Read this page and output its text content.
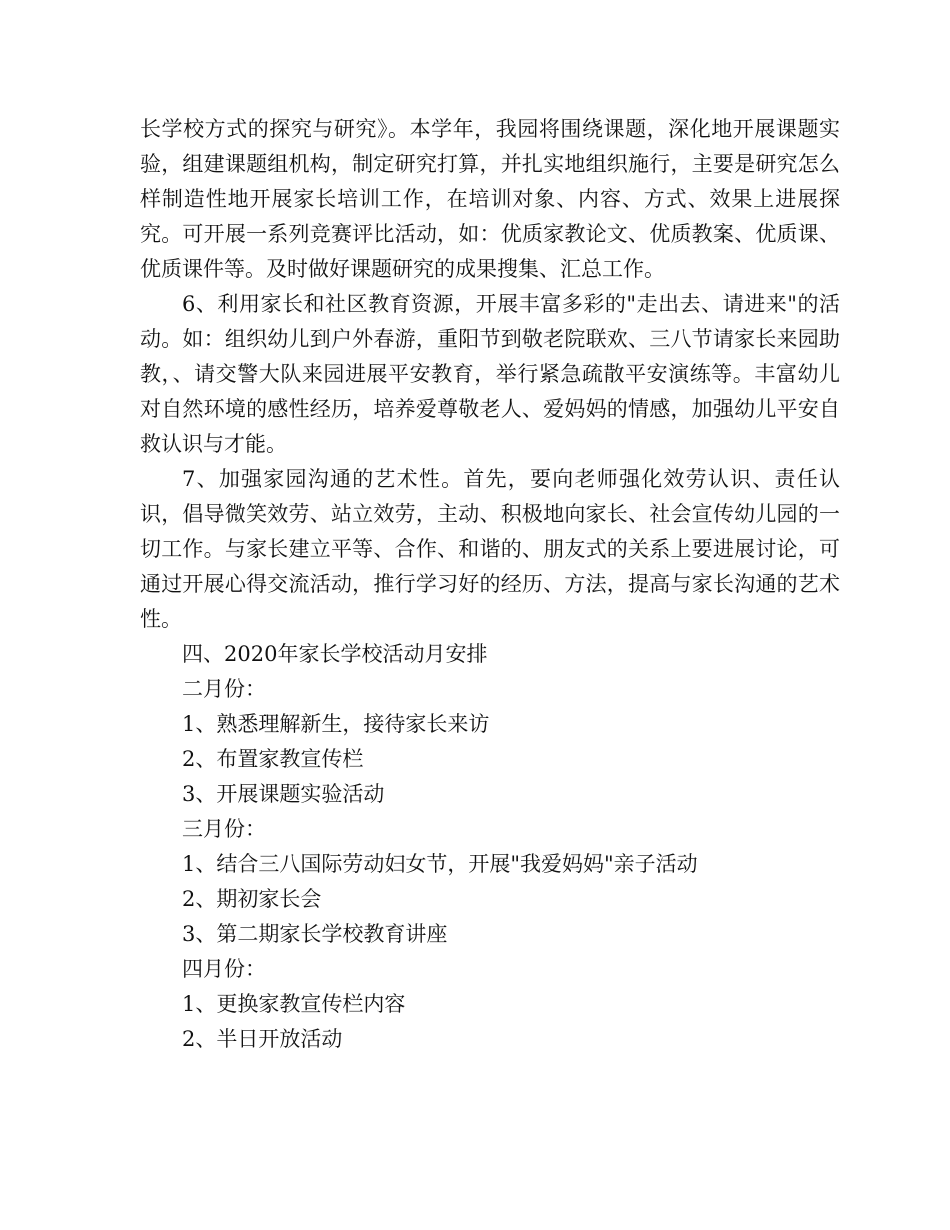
长学校方式的探究与研究》。本学年，我园将围绕课题，深化地开展课题实验，组建课题组机构，制定研究打算，并扎实地组织施行，主要是研究怎么样制造性地开展家长培训工作，在培训对象、内容、方式、效果上进展探究。可开展一系列竞赛评比活动，如：优质家教论文、优质教案、优质课、优质课件等。及时做好课题研究的成果搜集、汇总工作。

6、利用家长和社区教育资源，开展丰富多彩的"走出去、请进来"的活动。如：组织幼儿到户外春游，重阳节到敬老院联欢、三八节请家长来园助教，、请交警大队来园进展平安教育，举行紧急疏散平安演练等。丰富幼儿对自然环境的感性经历，培养爱尊敬老人、爱妈妈的情感，加强幼儿平安自救认识与才能。

7、加强家园沟通的艺术性。首先，要向老师强化效劳认识、责任认识，倡导微笑效劳、站立效劳，主动、积极地向家长、社会宣传幼儿园的一切工作。与家长建立平等、合作、和谐的、朋友式的关系上要进展讨论，可通过开展心得交流活动，推行学习好的经历、方法，提高与家长沟通的艺术性。

四、2020年家长学校活动月安排

二月份：

1、熟悉理解新生，接待家长来访

2、布置家教宣传栏

3、开展课题实验活动

三月份：

1、结合三八国际劳动妇女节，开展"我爱妈妈"亲子活动

2、期初家长会

3、第二期家长学校教育讲座

四月份：

1、更换家教宣传栏内容

2、半日开放活动
